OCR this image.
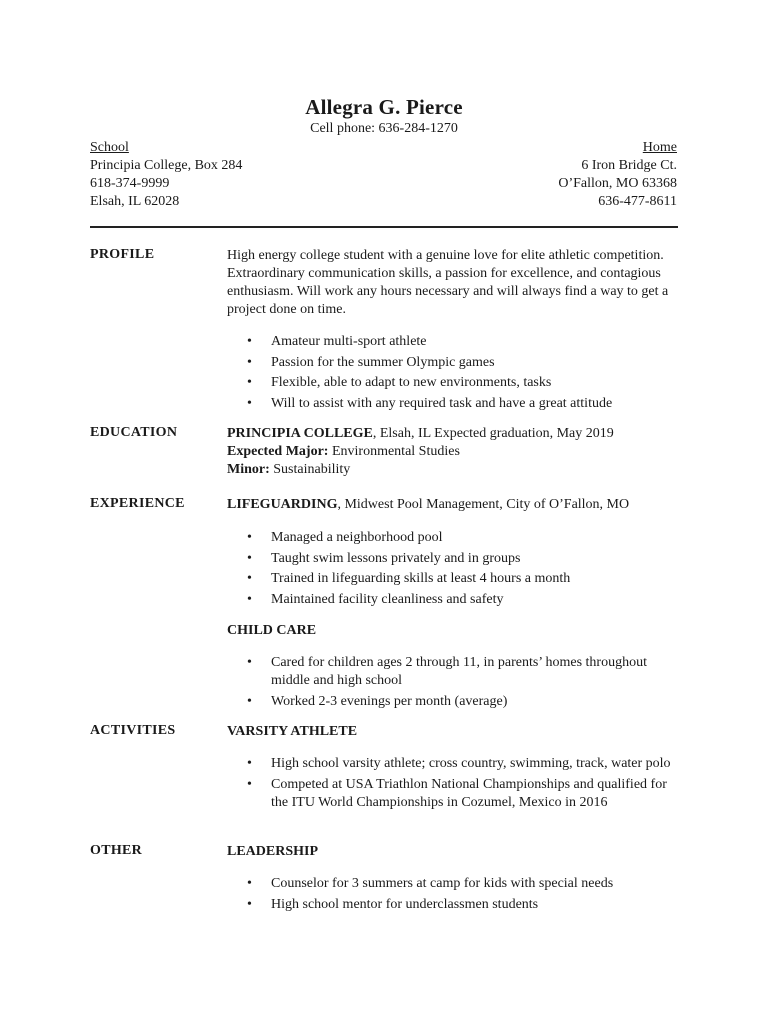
Allegra G. Pierce
Cell phone: 636-284-1270
School
Principia College, Box 284
618-374-9999
Elsah, IL 62028
Home
6 Iron Bridge Ct.
O’Fallon, MO 63368
636-477-8611
PROFILE	High energy college student with a genuine love for elite athletic competition. Extraordinary communication skills, a passion for excellence, and contagious enthusiasm. Will work any hours necessary and will always find a way to get a project done on time.
• Amateur multi-sport athlete
• Passion for the summer Olympic games
• Flexible, able to adapt to new environments, tasks
• Will to assist with any required task and have a great attitude
EDUCATION	PRINCIPIA COLLEGE, Elsah, IL Expected graduation, May 2019
Expected Major: Environmental Studies
Minor: Sustainability
EXPERIENCE	LIFEGUARDING, Midwest Pool Management, City of O’Fallon, MO
• Managed a neighborhood pool
• Taught swim lessons privately and in groups
• Trained in lifeguarding skills at least 4 hours a month
• Maintained facility cleanliness and safety
CHILD CARE
• Cared for children ages 2 through 11, in parents’ homes throughout middle and high school
• Worked 2-3 evenings per month (average)
ACTIVITIES	VARSITY ATHLETE
• High school varsity athlete; cross country, swimming, track, water polo
• Competed at USA Triathlon National Championships and qualified for the ITU World Championships in Cozumel, Mexico in 2016
OTHER	LEADERSHIP
• Counselor for 3 summers at camp for kids with special needs
• High school mentor for underclassmen students
